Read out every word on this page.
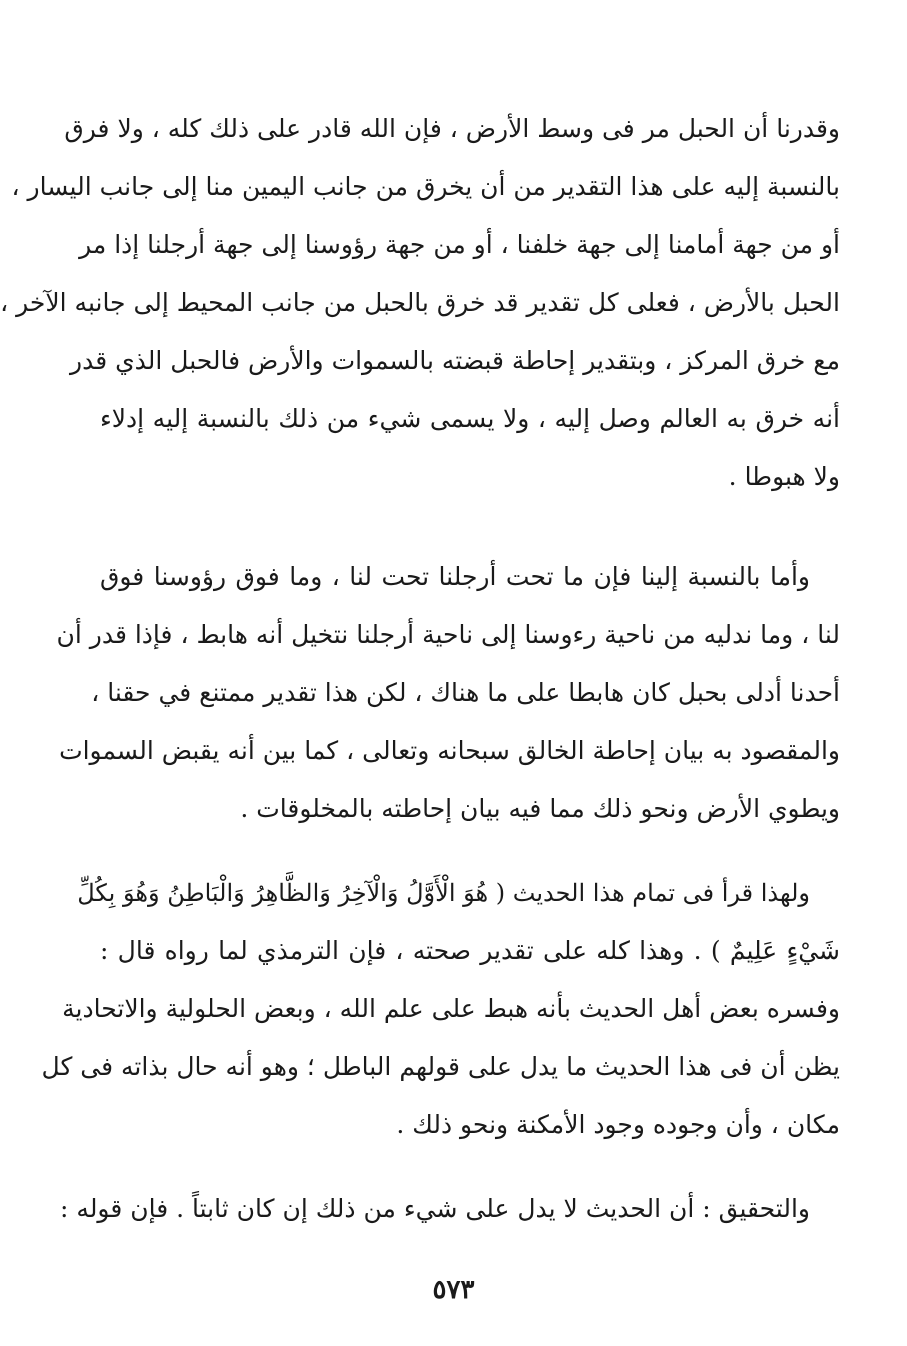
وقدرنا أن الحبل مر فى وسط الأرض ، فإن الله قادر على ذلك كله ، ولا فرق
بالنسبة إليه على هذا التقدير من أن يخرق من جانب اليمين منا إلى جانب اليسار ،
أو من جهة أمامنا إلى جهة خلفنا ، أو من جهة رؤوسنا إلى جهة أرجلنا إذا مر
الحبل بالأرض ، فعلى كل تقدير قد خرق بالحبل من جانب المحيط إلى جانبه الآخر ،
مع خرق المركز ، وبتقدير إحاطة قبضته بالسموات والأرض فالحبل الذي قدر
أنه خرق به العالم وصل إليه ، ولا يسمى شيء من ذلك بالنسبة إليه إدلاء
ولا هبوطا .
وأما بالنسبة إلينا فإن ما تحت أرجلنا تحت لنا ، وما فوق رؤوسنا فوق
لنا ، وما ندليه من ناحية رءوسنا إلى ناحية أرجلنا نتخيل أنه هابط ، فإذا قدر أن
أحدنا أدلى بحبل كان هابطا على ما هناك ، لكن هذا تقدير ممتنع في حقنا ،
والمقصود به بيان إحاطة الخالق سبحانه وتعالى ، كما بين أنه يقبض السموات
ويطوي الأرض ونحو ذلك مما فيه بيان إحاطته بالمخلوقات .
ولهذا قرأ فى تمام هذا الحديث ( هُوَ الْأَوَّلُ وَالْآخِرُ وَالظَّاهِرُ وَالْبَاطِنُ وَهُوَ بِكُلِّ
شَيْءٍ عَلِيمٌ ) . وهذا كله على تقدير صحته ، فإن الترمذي لما رواه قال :
وفسره بعض أهل الحديث بأنه هبط على علم الله ، وبعض الحلولية والاتحادية
يظن أن فى هذا الحديث ما يدل على قولهم الباطل ؛ وهو أنه حال بذاته فى كل
مكان ، وأن وجوده وجود الأمكنة ونحو ذلك .
والتحقيق : أن الحديث لا يدل على شيء من ذلك إن كان ثابتاً . فإن قوله :
٥٧٣
